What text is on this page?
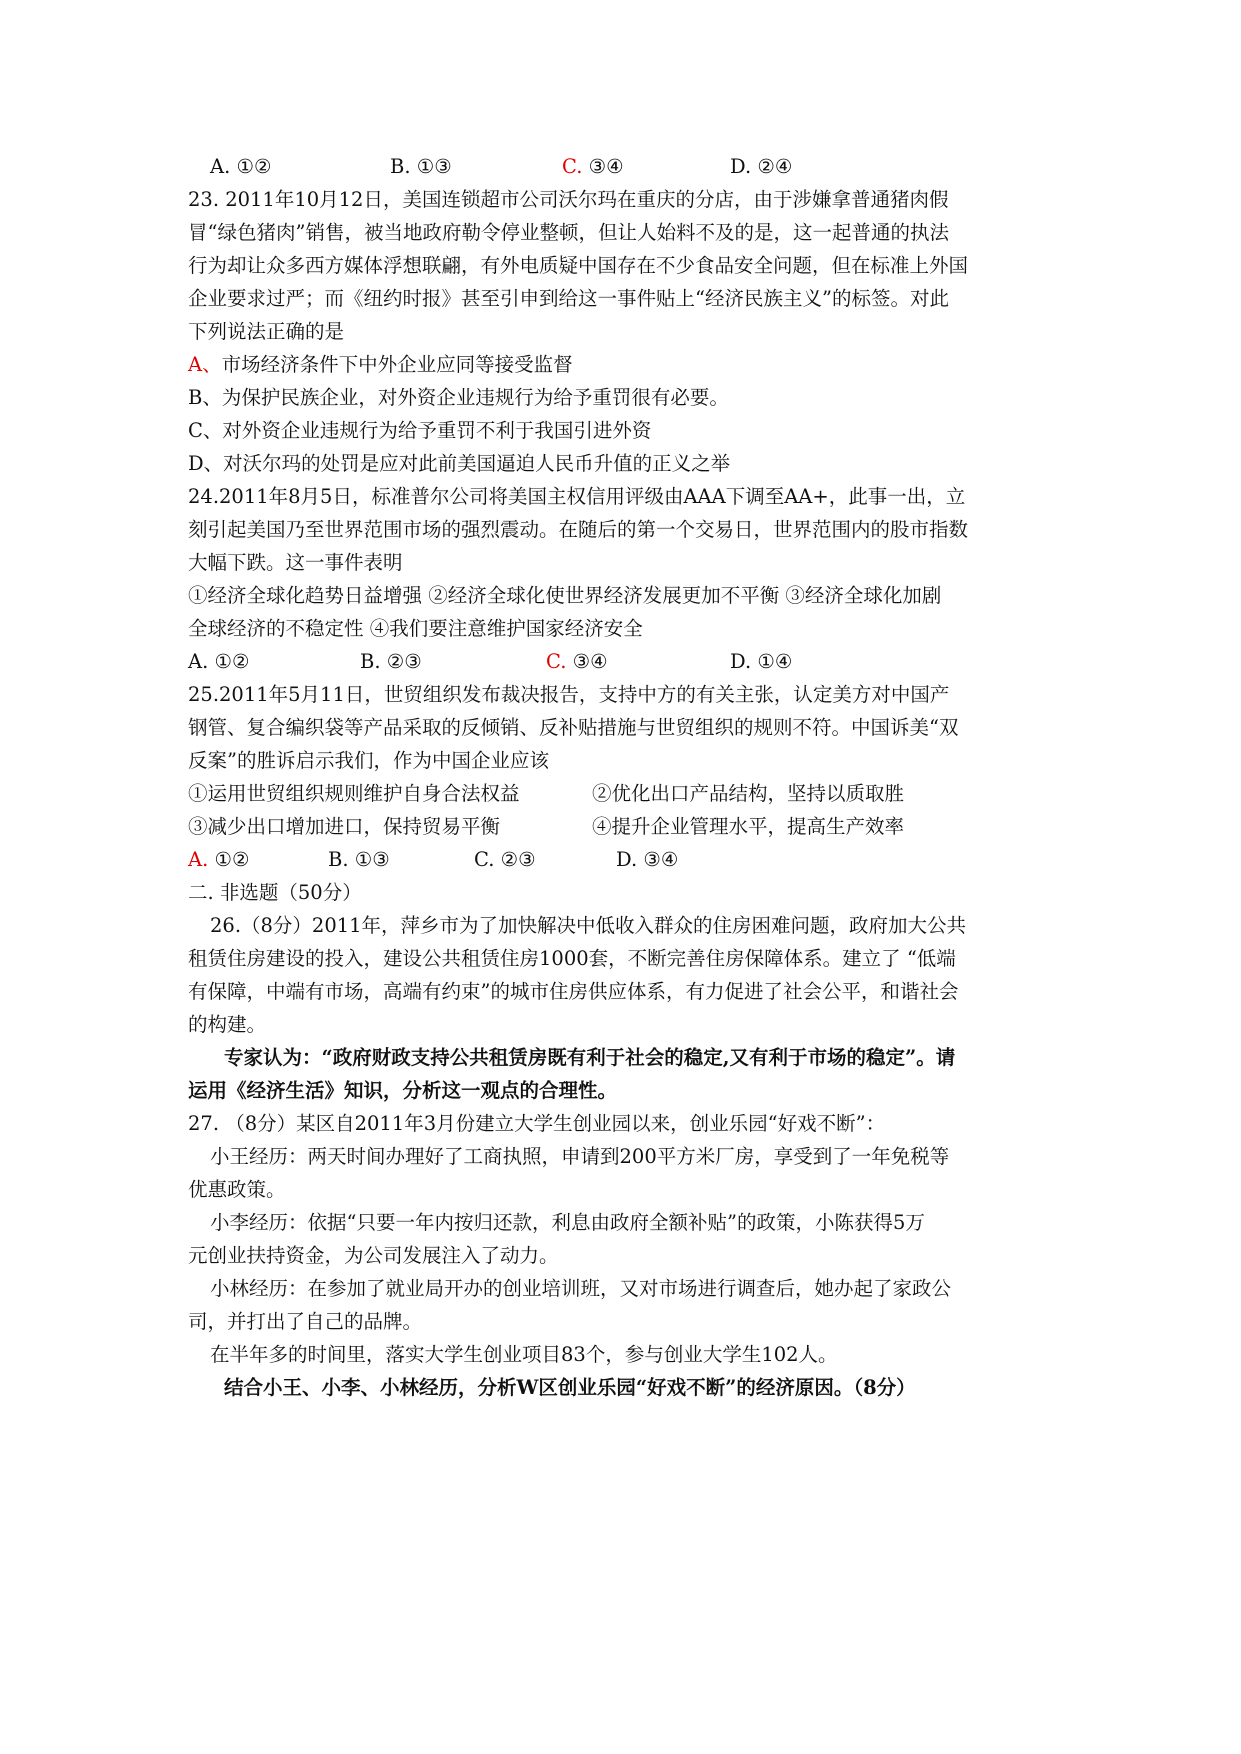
A. ①②	B. ①③	C. ③④	D. ②④
23. 2011年10月12日，美国连锁超市公司沃尔玛在重庆的分店，由于涉嫌拿普通猪肉假
冒“绿色猪肉”销售，被当地政府勒令停业整顿，但让人始料不及的是，这一起普通的执法
行为却让众多西方媒体浮想联翩，有外电质疑中国存在不少食品安全问题，但在标准上外国
企业要求过严；而《纽约时报》甚至引申到给这一事件贴上“经济民族主义”的标签。对此
下列说法正确的是
A、市场经济条件下中外企业应同等接受监督
B、为保护民族企业，对外资企业违规行为给予重罚很有必要。
C、对外资企业违规行为给予重罚不利于我国引进外资
D、对沃尔玛的处罚是应对此前美国逼迫人民币升值的正义之举
24.2011年8月5日，标准普尔公司将美国主权信用评级由AAA下调至AA+，此事一出，立
刻引起美国乃至世界范围市场的强烈震动。在随后的第一个交易日，世界范围内的股市指数
大幅下跌。这一事件表明
①经济全球化趋势日益增强 ②经济全球化使世界经济发展更加不平衡 ③经济全球化加剧
全球经济的不稳定性 ④我们要注意维护国家经济安全
A. ①②	B. ②③	C. ③④	D. ①④
25.2011年5月11日，世贸组织发布裁决报告，支持中方的有关主张，认定美方对中国产
钢管、复合编织袋等产品采取的反倾销、反补贴措施与世贸组织的规则不符。中国诉美“双
反案”的胜诉启示我们，作为中国企业应该
①运用世贸组织规则维护自身合法权益	②优化出口产品结构，坚持以质取胜
③减少出口增加进口，保持贸易平衡	④提升企业管理水平，提高生产效率
A. ①②	B. ①③	C. ②③	D. ③④
二. 非选题（50分）
26.（8分）2011年，萍乡市为了加快解决中低收入群众的住房困难问题，政府加大公共
租赁住房建设的投入，建设公共租赁住房1000套，不断完善住房保障体系。建立了 “低端
有保障，中端有市场，高端有约束”的城市住房供应体系，有力促进了社会公平，和谐社会
的构建。
专家认为：“政府财政支持公共租赁房既有利于社会的稳定,又有利于市场的稳定”。请
运用《经济生活》知识，分析这一观点的合理性。
27. （8分）某区自2011年3月份建立大学生创业园以来，创业乐园“好戏不断”：
小王经历：两天时间办理好了工商执照，申请到200平方米厂房，享受到了一年免税等
优惠政策。
小李经历：依据“只要一年内按归还款，利息由政府全额补贴”的政策，小陈获得5万
元创业扶持资金，为公司发展注入了动力。
小林经历：在参加了就业局开办的创业培训班，又对市场进行调查后，她办起了家政公
司，并打出了自己的品牌。
在半年多的时间里，落实大学生创业项目83个，参与创业大学生102人。
结合小王、小李、小林经历，分析W区创业乐园“好戏不断”的经济原因。（8分）
